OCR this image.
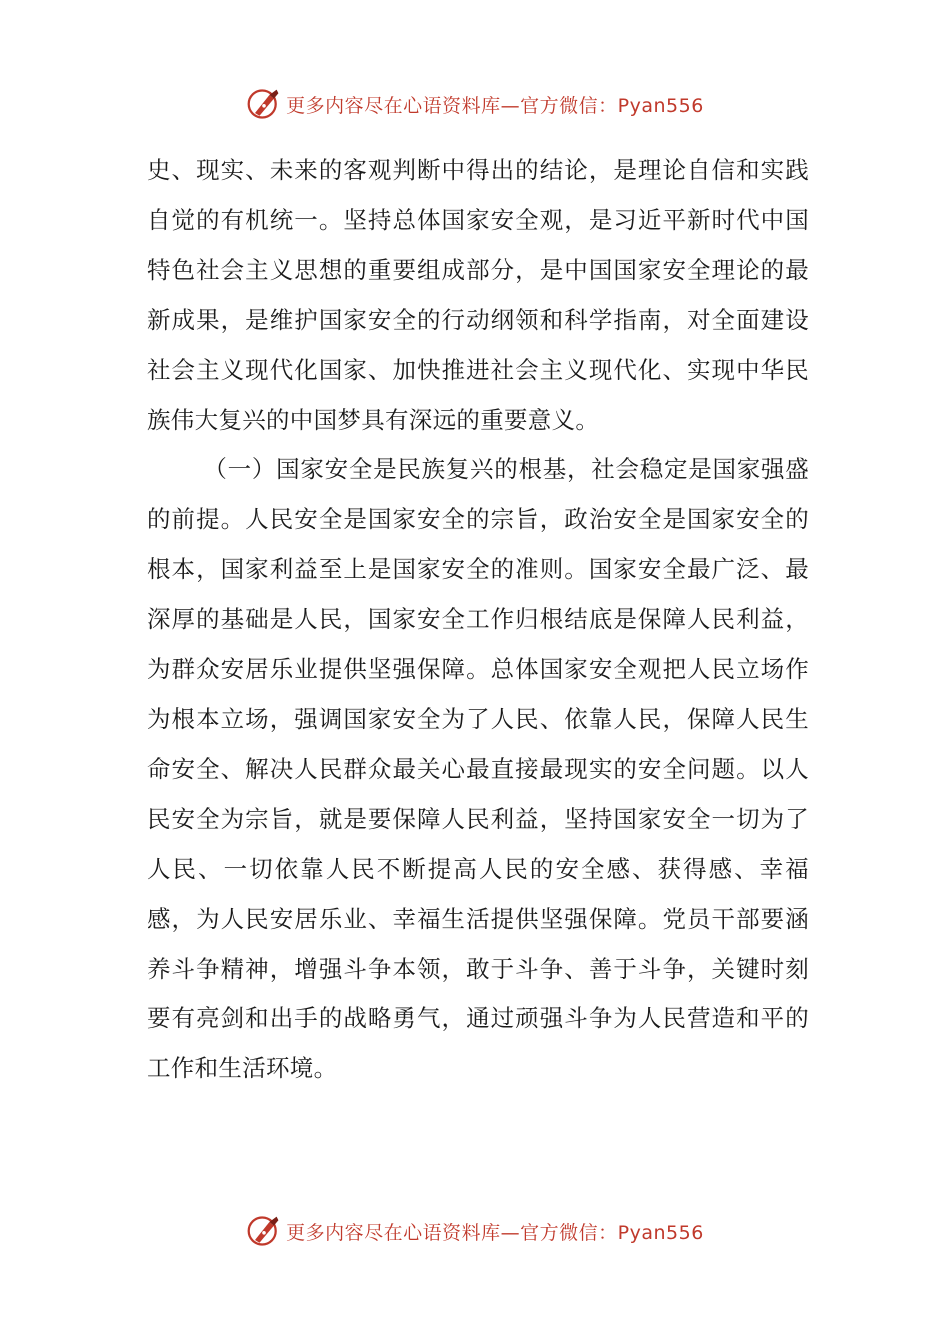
更多内容尽在心语资料库—官方微信：Pyan556

史、现实、未来的客观判断中得出的结论，是理论自信和实践自觉的有机统一。坚持总体国家安全观，是习近平新时代中国特色社会主义思想的重要组成部分，是中国国家安全理论的最新成果，是维护国家安全的行动纲领和科学指南，对全面建设社会主义现代化国家、加快推进社会主义现代化、实现中华民族伟大复兴的中国梦具有深远的重要意义。

（一）国家安全是民族复兴的根基，社会稳定是国家强盛的前提。人民安全是国家安全的宗旨，政治安全是国家安全的根本，国家利益至上是国家安全的准则。国家安全最广泛、最深厚的基础是人民，国家安全工作归根结底是保障人民利益，为群众安居乐业提供坚强保障。总体国家安全观把人民立场作为根本立场，强调国家安全为了人民、依靠人民，保障人民生命安全、解决人民群众最关心最直接最现实的安全问题。以人民安全为宗旨，就是要保障人民利益，坚持国家安全一切为了人民、一切依靠人民不断提高人民的安全感、获得感、幸福感，为人民安居乐业、幸福生活提供坚强保障。党员干部要涵养斗争精神，增强斗争本领，敢于斗争、善于斗争，关键时刻要有亮剑和出手的战略勇气，通过顽强斗争为人民营造和平的工作和生活环境。

更多内容尽在心语资料库—官方微信：Pyan556
